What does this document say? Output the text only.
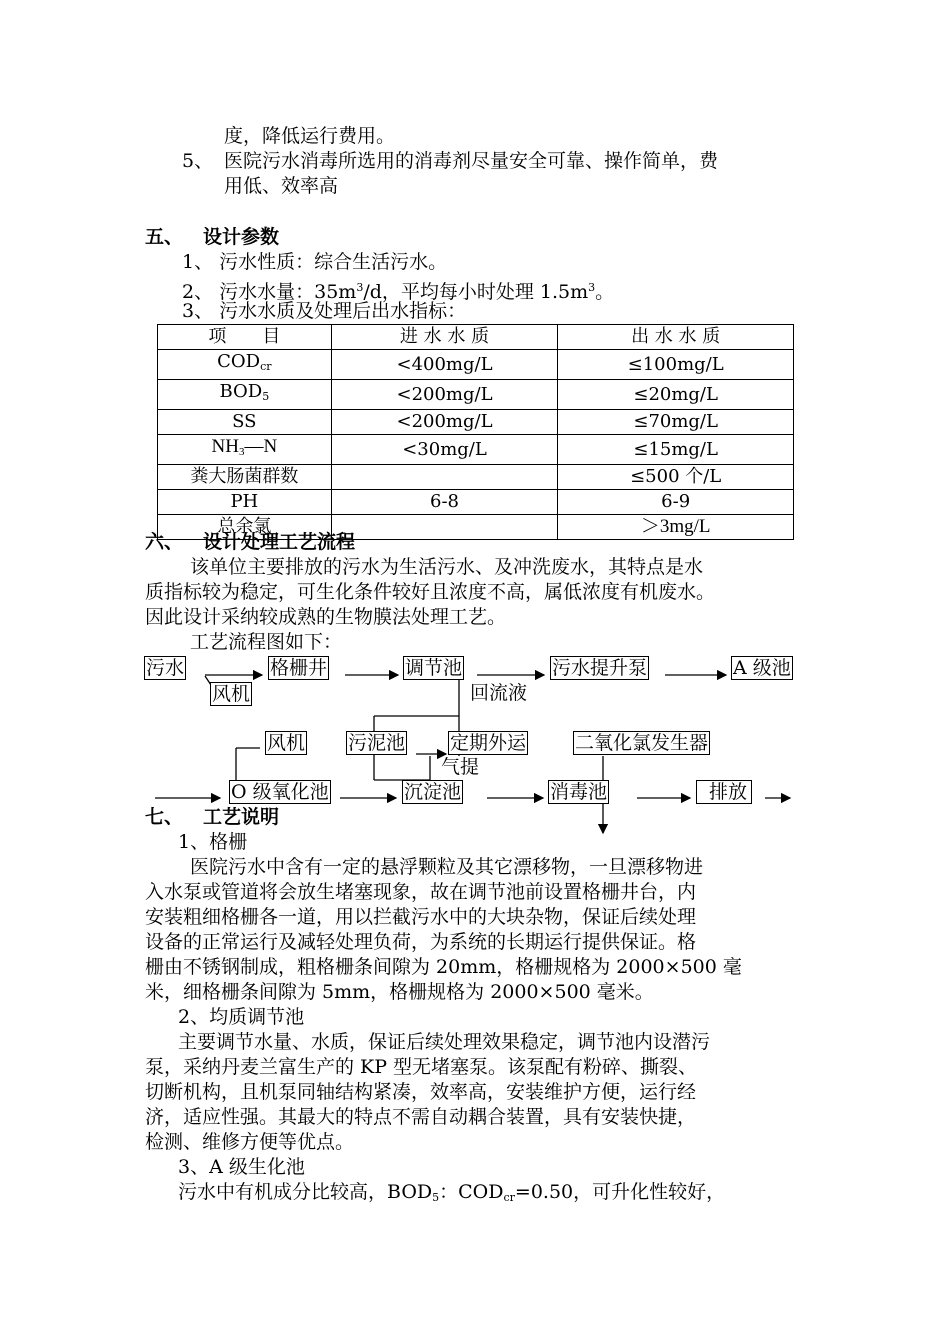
度，降低运行费用。
5、 医院污水消毒所选用的消毒剂尽量安全可靠、操作简单，费
用低、效率高
五、 设计参数
1、 污水性质：综合生活污水。
2、 污水水量：$35m^3/d$，平均每小时处理 $1.5m^3$。
3、 污水水质及处理后出水指标：
项　　目	进 水 水 质	出 水 水 质
$COD_{cr}$	<400mg/L	≤100mg/L
$BOD_5$	<200mg/L	≤20mg/L
SS	<200mg/L	≤70mg/L
$NH_3—N$	<30mg/L	≤15mg/L
粪大肠菌群数		≤500 个/L
PH	6-8	6-9
总余氯		＞3mg/L
六、 设计处理工艺流程
该单位主要排放的污水为生活污水、及冲洗废水，其特点是水
质指标较为稳定，可生化条件较好且浓度不高，属低浓度有机废水。
因此设计采纳较成熟的生物膜法处理工艺。
工艺流程图如下：
污水	格栅井	调节池	污水提升泵	A 级池
风机	回流液
风机 污泥池 定期外运	二氧化氯发生器
气提
O 级氧化池	沉淀池	消毒池	排放
七、 工艺说明
1、格栅
医院污水中含有一定的悬浮颗粒及其它漂移物，一旦漂移物进
入水泵或管道将会放生堵塞现象，故在调节池前设置格栅井台，内
安装粗细格栅各一道，用以拦截污水中的大块杂物，保证后续处理
设备的正常运行及减轻处理负荷，为系统的长期运行提供保证。格
栅由不锈钢制成，粗格栅条间隙为 20mm，格栅规格为 2000×500 毫
米，细格栅条间隙为 5mm，格栅规格为 2000×500 毫米。
2、均质调节池
主要调节水量、水质，保证后续处理效果稳定，调节池内设潜污
泵，采纳丹麦兰富生产的 KP 型无堵塞泵。该泵配有粉碎、撕裂、
切断机构，且机泵同轴结构紧凑，效率高，安装维护方便，运行经
济，适应性强。其最大的特点不需自动耦合装置，具有安装快捷，
检测、维修方便等优点。
3、A 级生化池
污水中有机成分比较高，$BOD_5$：$COD_{cr}=0.50$，可升化性较好，
